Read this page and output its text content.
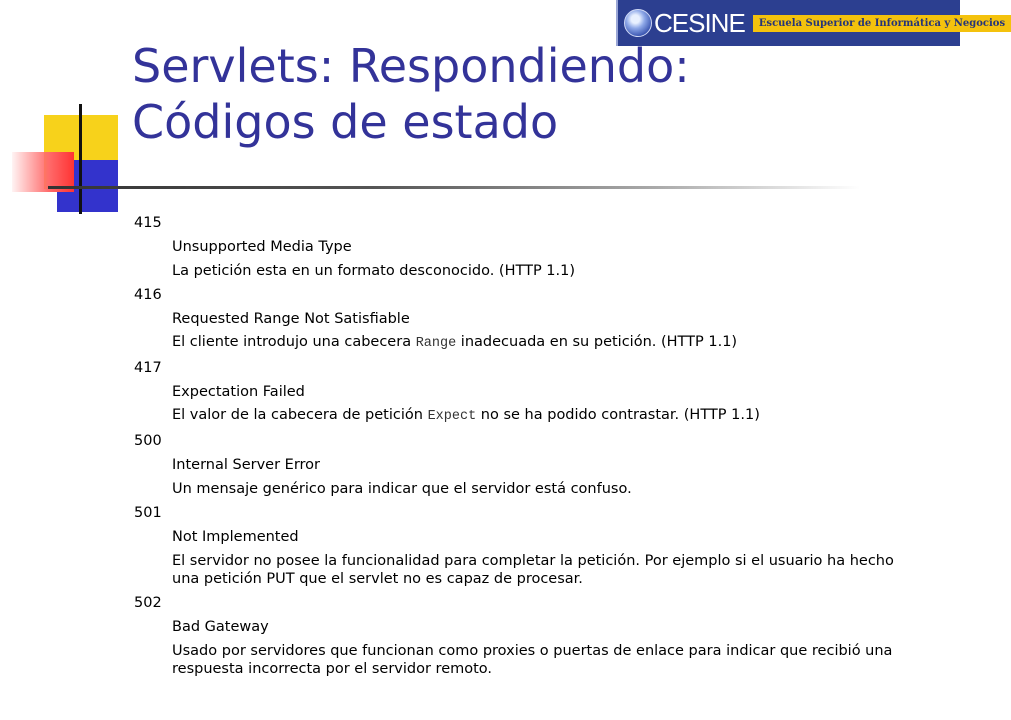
CESINE	Escuela Superior de Informática y Negocios
Servlets: Respondiendo:
Códigos de estado

415

Unsupported Media Type

La petición esta en un formato desconocido. (HTTP 1.1)

416

Requested Range Not Satisfiable

El cliente introdujo una cabecera Range inadecuada en su petición. (HTTP 1.1)

417

Expectation Failed

El valor de la cabecera de petición Expect no se ha podido contrastar. (HTTP 1.1)

500

Internal Server Error

Un mensaje genérico para indicar que el servidor está confuso.

501

Not Implemented

El servidor no posee la funcionalidad para completar la petición. Por ejemplo si el usuario ha hecho una petición PUT que el servlet no es capaz de procesar.

502

Bad Gateway

Usado por servidores que funcionan como proxies o puertas de enlace para indicar que recibió una respuesta incorrecta por el servidor remoto.
